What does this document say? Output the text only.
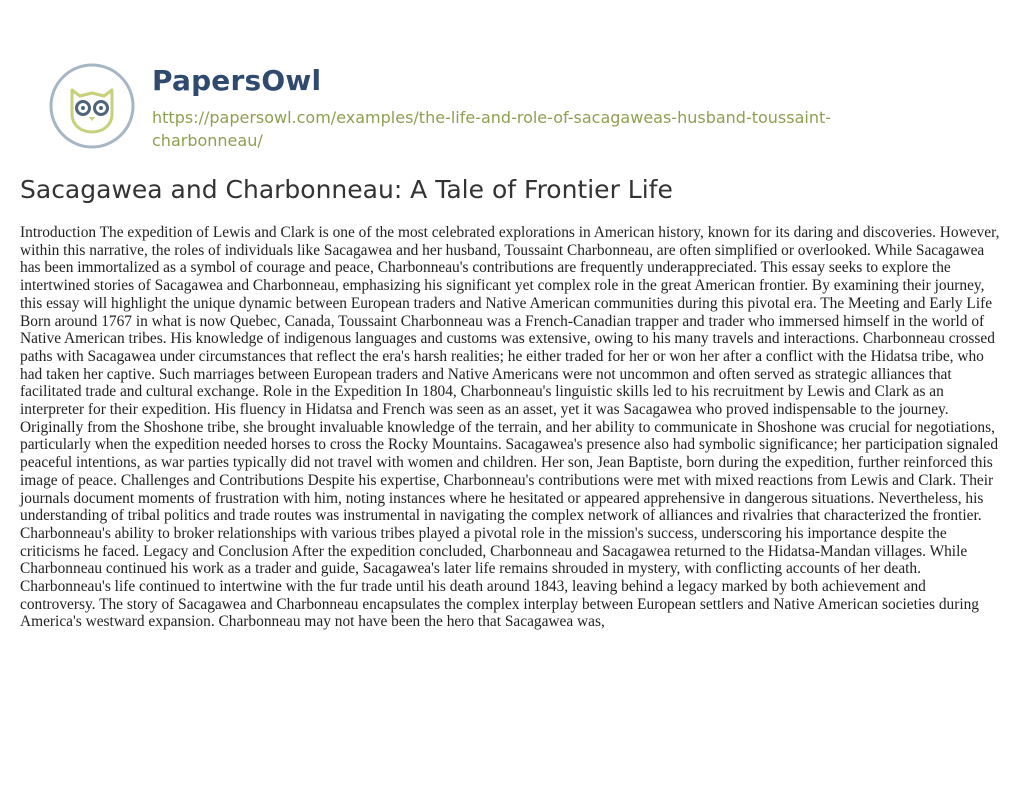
PapersOwl
https://papersowl.com/examples/the-life-and-role-of-sacagaweas-husband-toussaint-charbonneau/
Sacagawea and Charbonneau: A Tale of Frontier Life

Introduction The expedition of Lewis and Clark is one of the most celebrated explorations in American history, known for its daring and discoveries. However, within this narrative, the roles of individuals like Sacagawea and her husband, Toussaint Charbonneau, are often simplified or overlooked. While Sacagawea has been immortalized as a symbol of courage and peace, Charbonneau's contributions are frequently underappreciated. This essay seeks to explore the intertwined stories of Sacagawea and Charbonneau, emphasizing his significant yet complex role in the great American frontier. By examining their journey, this essay will highlight the unique dynamic between European traders and Native American communities during this pivotal era. The Meeting and Early Life Born around 1767 in what is now Quebec, Canada, Toussaint Charbonneau was a French-Canadian trapper and trader who immersed himself in the world of Native American tribes. His knowledge of indigenous languages and customs was extensive, owing to his many travels and interactions. Charbonneau crossed paths with Sacagawea under circumstances that reflect the era's harsh realities; he either traded for her or won her after a conflict with the Hidatsa tribe, who had taken her captive. Such marriages between European traders and Native Americans were not uncommon and often served as strategic alliances that facilitated trade and cultural exchange. Role in the Expedition In 1804, Charbonneau's linguistic skills led to his recruitment by Lewis and Clark as an interpreter for their expedition. His fluency in Hidatsa and French was seen as an asset, yet it was Sacagawea who proved indispensable to the journey. Originally from the Shoshone tribe, she brought invaluable knowledge of the terrain, and her ability to communicate in Shoshone was crucial for negotiations, particularly when the expedition needed horses to cross the Rocky Mountains. Sacagawea's presence also had symbolic significance; her participation signaled peaceful intentions, as war parties typically did not travel with women and children. Her son, Jean Baptiste, born during the expedition, further reinforced this image of peace. Challenges and Contributions Despite his expertise, Charbonneau's contributions were met with mixed reactions from Lewis and Clark. Their journals document moments of frustration with him, noting instances where he hesitated or appeared apprehensive in dangerous situations. Nevertheless, his understanding of tribal politics and trade routes was instrumental in navigating the complex network of alliances and rivalries that characterized the frontier. Charbonneau's ability to broker relationships with various tribes played a pivotal role in the mission's success, underscoring his importance despite the criticisms he faced. Legacy and Conclusion After the expedition concluded, Charbonneau and Sacagawea returned to the Hidatsa-Mandan villages. While Charbonneau continued his work as a trader and guide, Sacagawea's later life remains shrouded in mystery, with conflicting accounts of her death. Charbonneau's life continued to intertwine with the fur trade until his death around 1843, leaving behind a legacy marked by both achievement and controversy. The story of Sacagawea and Charbonneau encapsulates the complex interplay between European settlers and Native American societies during America's westward expansion. Charbonneau may not have been the hero that Sacagawea was,
